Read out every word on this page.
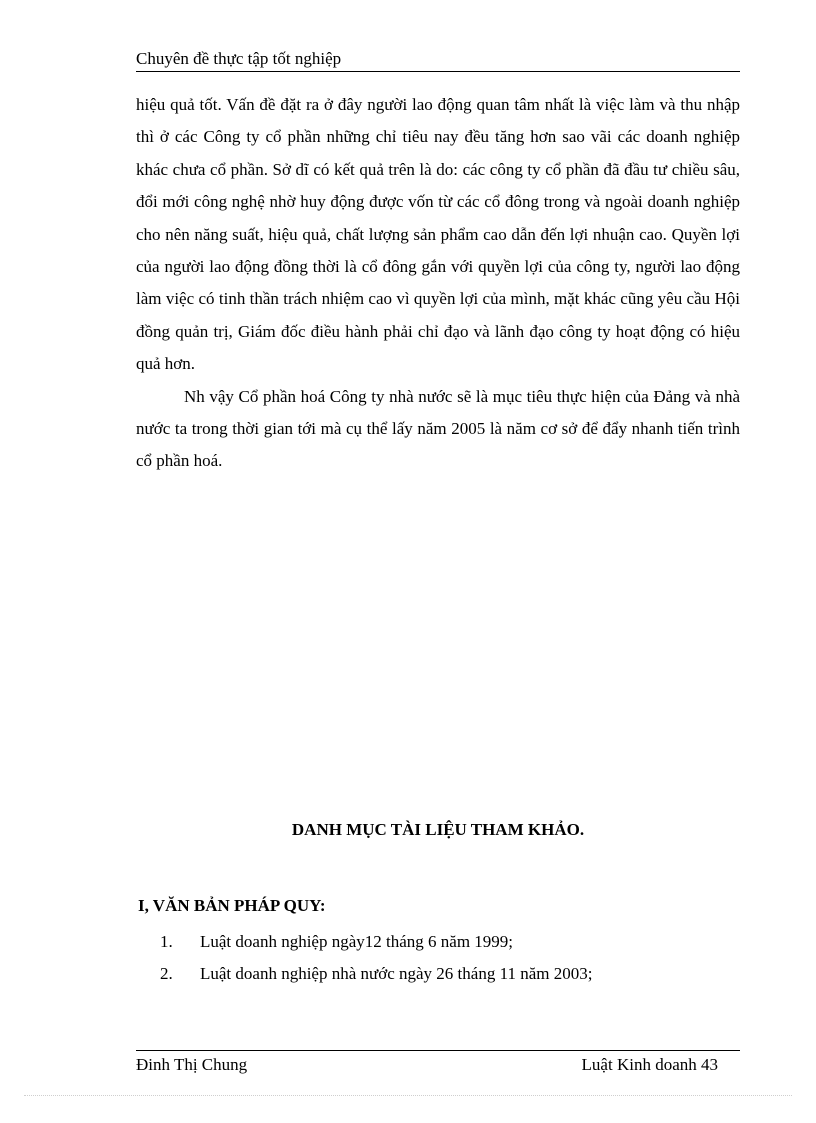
Chuyên đề thực tập tốt nghiệp

hiệu quả tốt. Vấn đề đặt ra ở đây người lao động quan tâm nhất là việc làm và thu nhập thì ở các Công ty cổ phần những chỉ tiêu nay đều tăng hơn sao vãi các doanh nghiệp khác chưa cổ phần. Sở dĩ có kết quả trên là do: các công ty cổ phần đã đầu tư chiều sâu, đổi mới công nghệ nhờ huy động được vốn từ các cổ đông trong và ngoài doanh nghiệp cho nên năng suất, hiệu quả, chất lượng sản phẩm cao dẫn đến lợi nhuận cao. Quyền lợi của người lao động đồng thời là cổ đông gắn với quyền lợi của công ty, người lao động làm việc có tinh thần trách nhiệm cao vì quyền lợi của mình, mặt khác cũng yêu cầu Hội đồng quản trị, Giám đốc điều hành phải chỉ đạo và lãnh đạo công ty hoạt động có hiệu quả hơn.

Nh vậy Cổ phần hoá Công ty nhà nước sẽ là mục tiêu thực hiện của Đảng và nhà nước ta trong thời gian tới mà cụ thể lấy năm 2005 là năm cơ sở để đẩy nhanh tiến trình cổ phần hoá.

DANH MỤC TÀI LIỆU THAM KHẢO.
I, VĂN BẢN PHÁP QUY:
1.	Luật doanh nghiệp ngày12 tháng 6 năm 1999;
2.	Luật doanh nghiệp nhà nước ngày 26 tháng 11 năm 2003;
Đinh Thị Chung	Luật Kinh doanh 43
